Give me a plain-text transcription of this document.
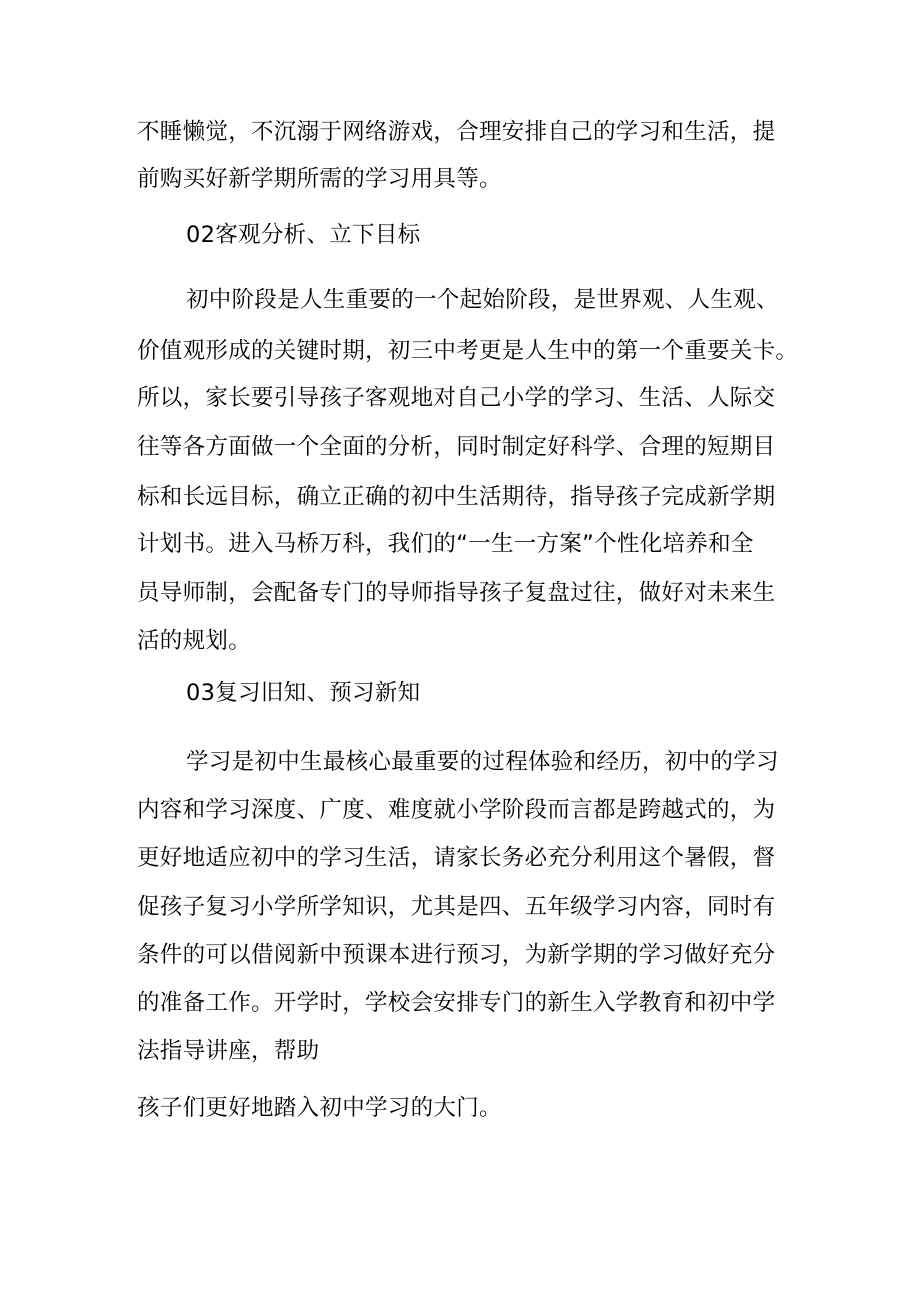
不睡懒觉，不沉溺于网络游戏，合理安排自己的学习和生活，提
前购买好新学期所需的学习用具等。
02客观分析、立下目标
初中阶段是人生重要的一个起始阶段，是世界观、人生观、
价值观形成的关键时期，初三中考更是人生中的第一个重要关卡。
所以，家长要引导孩子客观地对自己小学的学习、生活、人际交
往等各方面做一个全面的分析，同时制定好科学、合理的短期目
标和长远目标，确立正确的初中生活期待，指导孩子完成新学期
计划书。进入马桥万科，我们的“一生一方案”个性化培养和全
员导师制，会配备专门的导师指导孩子复盘过往，做好对未来生
活的规划。
03复习旧知、预习新知
学习是初中生最核心最重要的过程体验和经历，初中的学习
内容和学习深度、广度、难度就小学阶段而言都是跨越式的，为
更好地适应初中的学习生活，请家长务必充分利用这个暑假，督
促孩子复习小学所学知识，尤其是四、五年级学习内容，同时有
条件的可以借阅新中预课本进行预习，为新学期的学习做好充分
的准备工作。开学时，学校会安排专门的新生入学教育和初中学
法指导讲座，帮助
孩子们更好地踏入初中学习的大门。
